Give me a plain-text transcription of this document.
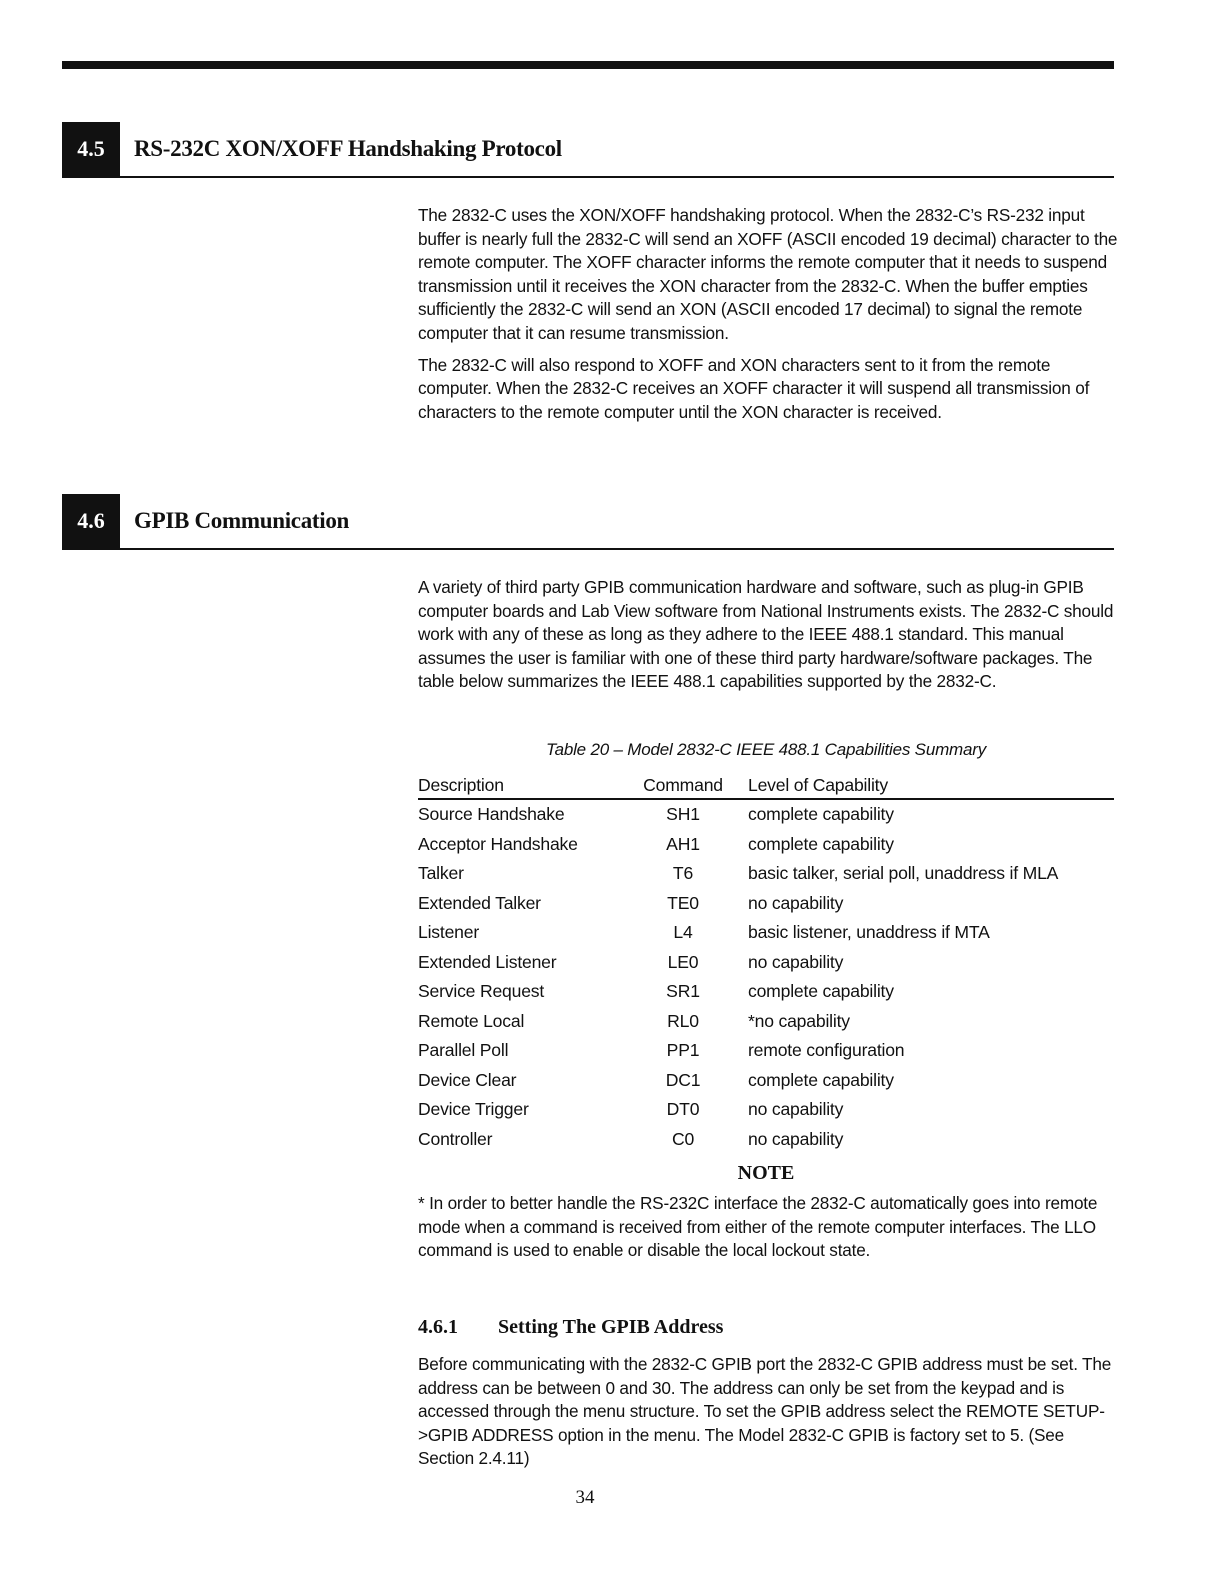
4.5	RS-232C XON/XOFF Handshaking Protocol

The 2832-C uses the XON/XOFF handshaking protocol. When the 2832-C’s RS-232 input buffer is nearly full the 2832-C will send an XOFF (ASCII encoded 19 decimal) character to the remote computer. The XOFF character informs the remote computer that it needs to suspend transmission until it receives the XON character from the 2832-C. When the buffer empties sufficiently the 2832-C will send an XON (ASCII encoded 17 decimal) to signal the remote computer that it can resume transmission.

The 2832-C will also respond to XOFF and XON characters sent to it from the remote computer. When the 2832-C receives an XOFF character it will suspend all transmission of characters to the remote computer until the XON character is received.

4.6	GPIB Communication

A variety of third party GPIB communication hardware and software, such as plug-in GPIB computer boards and Lab View software from National Instruments exists. The 2832-C should work with any of these as long as they adhere to the IEEE 488.1 standard. This manual assumes the user is familiar with one of these third party hardware/software packages. The table below summarizes the IEEE 488.1 capabilities supported by the 2832-C.

Table 20 – Model 2832-C IEEE 488.1 Capabilities Summary
Description	Command	Level of Capability
Source Handshake	SH1	complete capability
Acceptor Handshake	AH1	complete capability
Talker	T6	basic talker, serial poll, unaddress if MLA
Extended Talker	TE0	no capability
Listener	L4	basic listener, unaddress if MTA
Extended Listener	LE0	no capability
Service Request	SR1	complete capability
Remote Local	RL0	*no capability
Parallel Poll	PP1	remote configuration
Device Clear	DC1	complete capability
Device Trigger	DT0	no capability
Controller	C0	no capability
NOTE

* In order to better handle the RS-232C interface the 2832-C automatically goes into remote mode when a command is received from either of the remote computer interfaces. The LLO command is used to enable or disable the local lockout state.

4.6.1 Setting The GPIB Address

Before communicating with the 2832-C GPIB port the 2832-C GPIB address must be set. The address can be between 0 and 30. The address can only be set from the keypad and is accessed through the menu structure. To set the GPIB address select the REMOTE SETUP->GPIB ADDRESS option in the menu. The Model 2832-C GPIB is factory set to 5. (See Section 2.4.11)

34
